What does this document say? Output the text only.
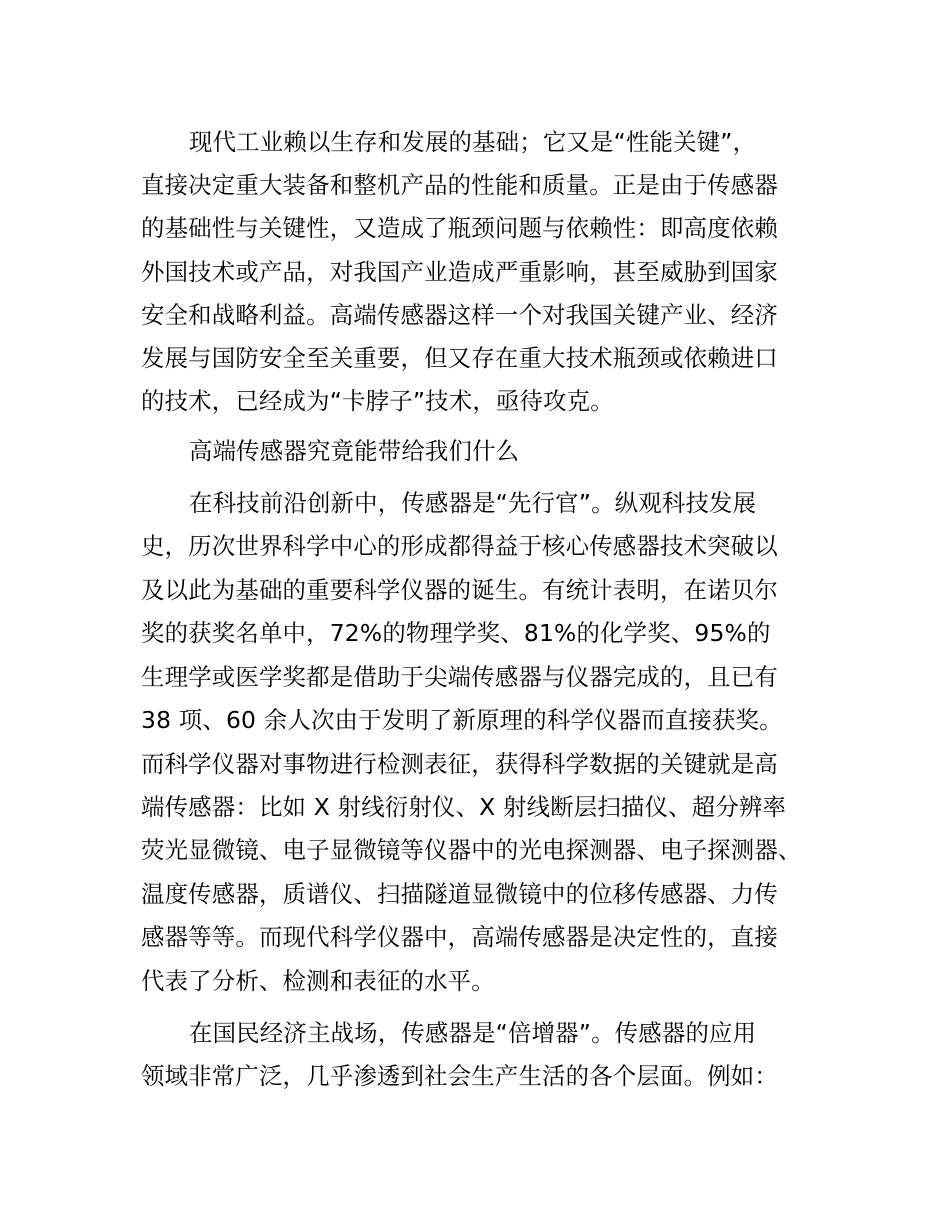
现代工业赖以生存和发展的基础；它又是“性能关键”，
直接决定重大装备和整机产品的性能和质量。正是由于传感器
的基础性与关键性，又造成了瓶颈问题与依赖性：即高度依赖
外国技术或产品，对我国产业造成严重影响，甚至威胁到国家
安全和战略利益。高端传感器这样一个对我国关键产业、经济
发展与国防安全至关重要，但又存在重大技术瓶颈或依赖进口
的技术，已经成为“卡脖子”技术，亟待攻克。
高端传感器究竟能带给我们什么
在科技前沿创新中，传感器是“先行官”。纵观科技发展
史，历次世界科学中心的形成都得益于核心传感器技术突破以
及以此为基础的重要科学仪器的诞生。有统计表明，在诺贝尔
奖的获奖名单中，72%的物理学奖、81%的化学奖、95%的
生理学或医学奖都是借助于尖端传感器与仪器完成的，且已有
38 项、60 余人次由于发明了新原理的科学仪器而直接获奖。
而科学仪器对事物进行检测表征，获得科学数据的关键就是高
端传感器：比如 X 射线衍射仪、X 射线断层扫描仪、超分辨率
荧光显微镜、电子显微镜等仪器中的光电探测器、电子探测器、
温度传感器，质谱仪、扫描隧道显微镜中的位移传感器、力传
感器等等。而现代科学仪器中，高端传感器是决定性的，直接
代表了分析、检测和表征的水平。
在国民经济主战场，传感器是“倍增器”。传感器的应用
领域非常广泛，几乎渗透到社会生产生活的各个层面。例如：
